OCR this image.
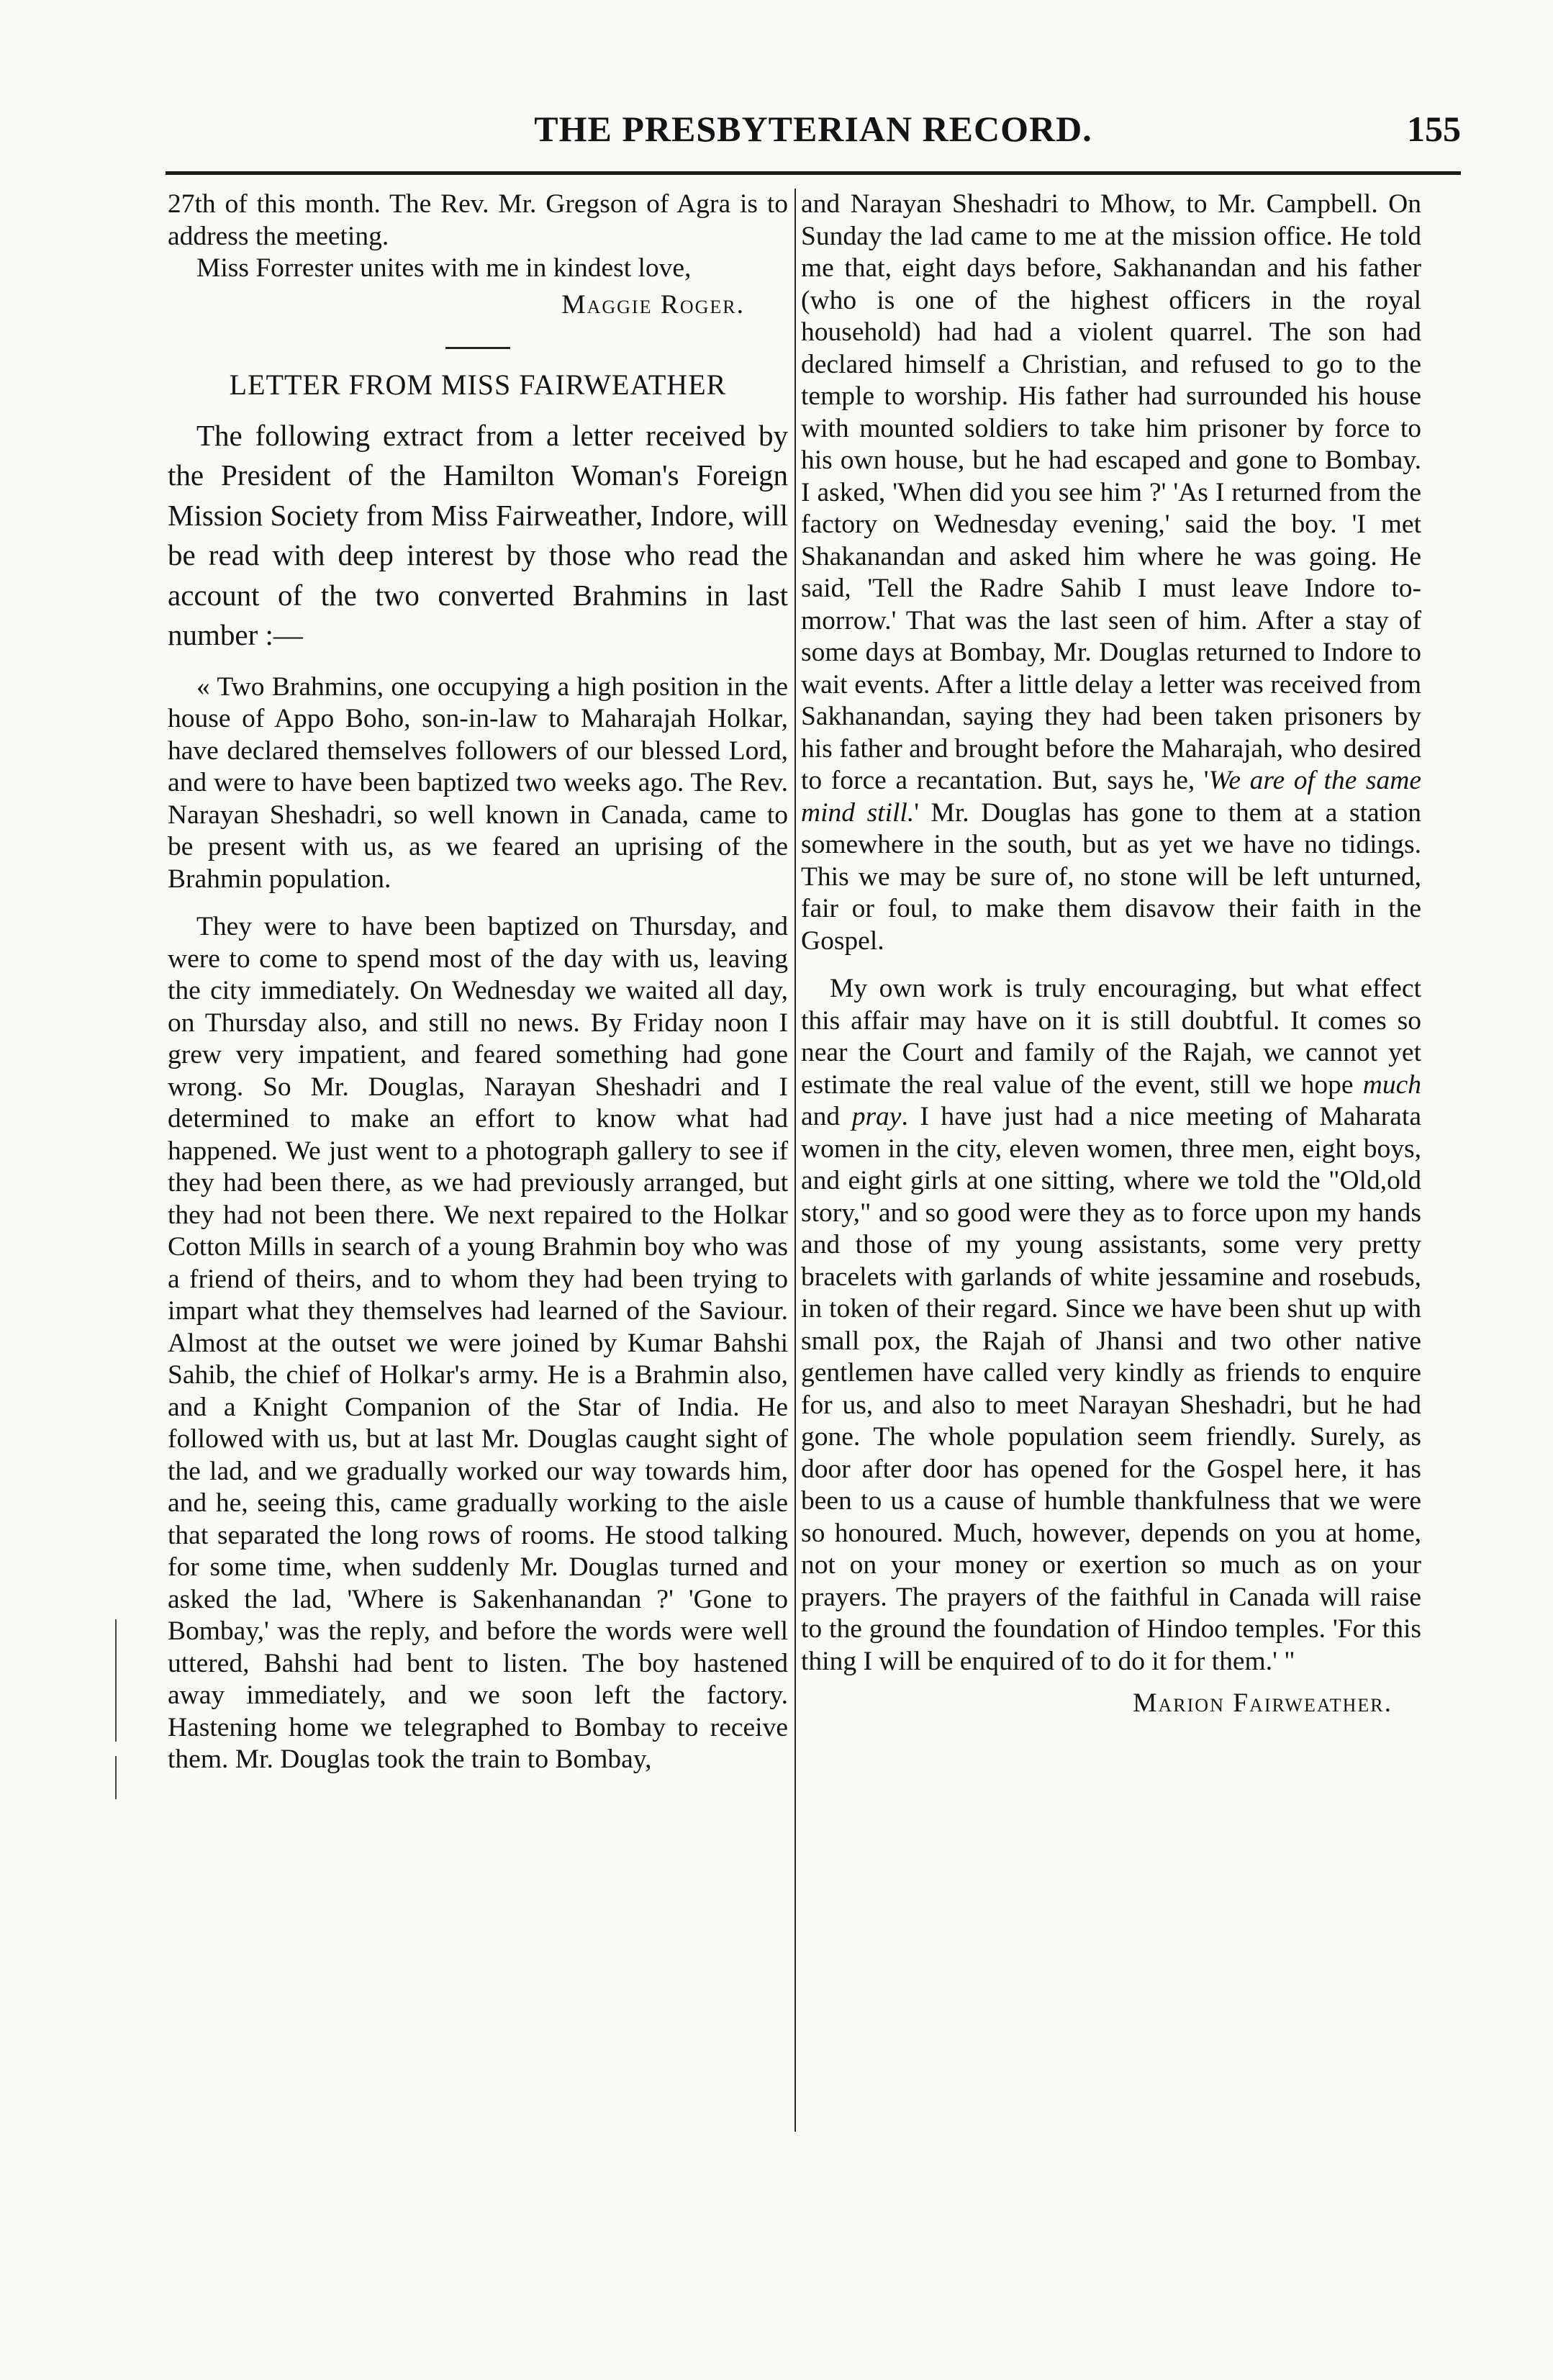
THE PRESBYTERIAN RECORD.	155

27th of this month. The Rev. Mr. Gregson of Agra is to address the meeting.

Miss Forrester unites with me in kindest love,

Maggie Roger.

LETTER FROM MISS FAIRWEATHER

The following extract from a letter received by the President of the Hamilton Woman's Foreign Mission Society from Miss Fairweather, Indore, will be read with deep interest by those who read the account of the two converted Brahmins in last number :—

« Two Brahmins, one occupying a high position in the house of Appo Boho, son-in-law to Maharajah Holkar, have declared themselves followers of our blessed Lord, and were to have been baptized two weeks ago. The Rev. Narayan Sheshadri, so well known in Canada, came to be present with us, as we feared an uprising of the Brahmin population.

They were to have been baptized on Thursday, and were to come to spend most of the day with us, leaving the city immediately. On Wednesday we waited all day, on Thursday also, and still no news. By Friday noon I grew very impatient, and feared something had gone wrong. So Mr. Douglas, Narayan Sheshadri and I determined to make an effort to know what had happened. We just went to a photograph gallery to see if they had been there, as we had previously arranged, but they had not been there. We next repaired to the Holkar Cotton Mills in search of a young Brahmin boy who was a friend of theirs, and to whom they had been trying to impart what they themselves had learned of the Saviour. Almost at the outset we were joined by Kumar Bahshi Sahib, the chief of Holkar's army. He is a Brahmin also, and a Knight Companion of the Star of India. He followed with us, but at last Mr. Douglas caught sight of the lad, and we gradually worked our way towards him, and he, seeing this, came gradually working to the aisle that separated the long rows of rooms. He stood talking for some time, when suddenly Mr. Douglas turned and asked the lad, 'Where is Sakenhanandan ?' 'Gone to Bombay,' was the reply, and before the words were well uttered, Bahshi had bent to listen. The boy hastened away immediately, and we soon left the factory. Hastening home we telegraphed to Bombay to receive them. Mr. Douglas took the train to Bombay,

and Narayan Sheshadri to Mhow, to Mr. Campbell. On Sunday the lad came to me at the mission office. He told me that, eight days before, Sakhanandan and his father (who is one of the highest officers in the royal household) had had a violent quarrel. The son had declared himself a Christian, and refused to go to the temple to worship. His father had surrounded his house with mounted soldiers to take him prisoner by force to his own house, but he had escaped and gone to Bombay. I asked, 'When did you see him ?' 'As I returned from the factory on Wednesday evening,' said the boy. 'I met Shakanandan and asked him where he was going. He said, 'Tell the Radre Sahib I must leave Indore to-morrow.' That was the last seen of him. After a stay of some days at Bombay, Mr. Douglas returned to Indore to wait events. After a little delay a letter was received from Sakhanandan, saying they had been taken prisoners by his father and brought before the Maharajah, who desired to force a recantation. But, says he, 'We are of the same mind still.' Mr. Douglas has gone to them at a station somewhere in the south, but as yet we have no tidings. This we may be sure of, no stone will be left unturned, fair or foul, to make them disavow their faith in the Gospel.

My own work is truly encouraging, but what effect this affair may have on it is still doubtful. It comes so near the Court and family of the Rajah, we cannot yet estimate the real value of the event, still we hope much and pray. I have just had a nice meeting of Maharata women in the city, eleven women, three men, eight boys, and eight girls at one sitting, where we told the "Old,old story," and so good were they as to force upon my hands and those of my young assistants, some very pretty bracelets with garlands of white jessamine and rosebuds, in token of their regard. Since we have been shut up with small pox, the Rajah of Jhansi and two other native gentlemen have called very kindly as friends to enquire for us, and also to meet Narayan Sheshadri, but he had gone. The whole population seem friendly. Surely, as door after door has opened for the Gospel here, it has been to us a cause of humble thankfulness that we were so honoured. Much, however, depends on you at home, not on your money or exertion so much as on your prayers. The prayers of the faithful in Canada will raise to the ground the foundation of Hindoo temples. 'For this thing I will be enquired of to do it for them.' "

Marion Fairweather.
